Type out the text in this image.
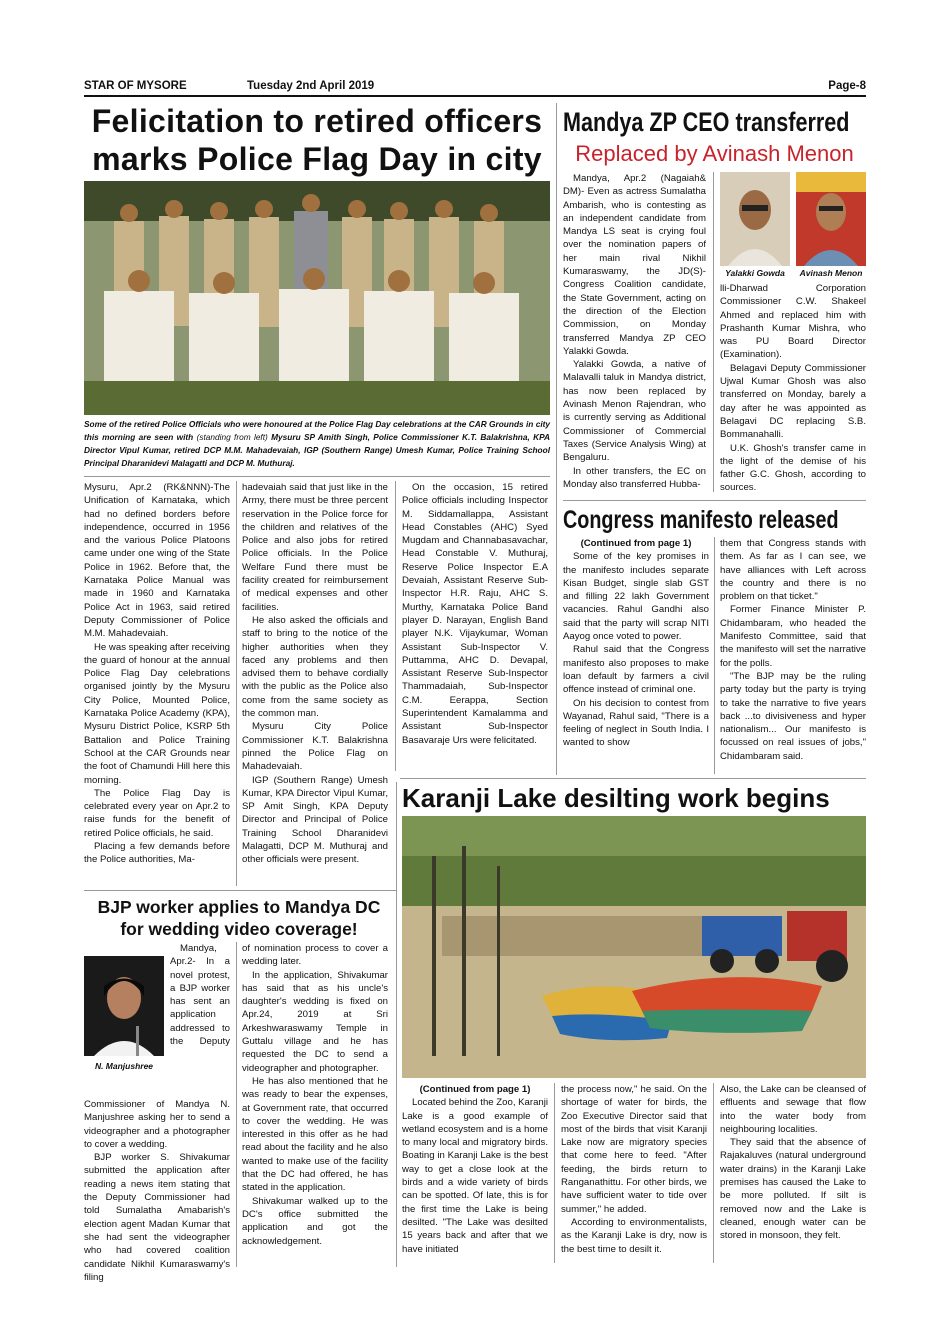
STAR OF MYSORE	Tuesday 2nd April 2019	Page-8
Felicitation to retired officers
marks Police Flag Day in city
Some of the retired Police Officials who were honoured at the Police Flag Day celebrations at the CAR Grounds in city this morning are seen with (standing from left) Mysuru SP Amith Singh, Police Commissioner K.T. Balakrishna, KPA Director Vipul Kumar, retired DCP M.M. Mahadevaiah, IGP (Southern Range) Umesh Kumar, Police Training School Principal Dharanidevi Malagatti and DCP M. Muthuraj.

Mysuru, Apr.2 (RK&NNN)-The Unification of Karnataka, which had no defined borders before independence, occurred in 1956 and the various Police Platoons came under one wing of the State Police in 1962. Before that, the Karnataka Police Manual was made in 1960 and Karnataka Police Act in 1963, said retired Deputy Commissioner of Police M.M. Mahadevaiah.

He was speaking after receiving the guard of honour at the annual Police Flag Day celebrations organised jointly by the Mysuru City Police, Mounted Police, Karnataka Police Academy (KPA), Mysuru District Police, KSRP 5th Battalion and Police Training School at the CAR Grounds near the foot of Chamundi Hill here this morning.

The Police Flag Day is celebrated every year on Apr.2 to raise funds for the benefit of retired Police officials, he said.

Placing a few demands before the Police authorities, Ma-

hadevaiah said that just like in the Army, there must be three percent reservation in the Police force for the children and relatives of the Police and also jobs for retired Police officials. In the Police Welfare Fund there must be facility created for reimbursement of medical expenses and other facilities.

He also asked the officials and staff to bring to the notice of the higher authorities when they faced any problems and then advised them to behave cordially with the public as the Police also come from the same society as the common man.

Mysuru City Police Commissioner K.T. Balakrishna pinned the Police Flag on Mahadevaiah.

IGP (Southern Range) Umesh Kumar, KPA Director Vipul Kumar, SP Amit Singh, KPA Deputy Director and Principal of Police Training School Dharanidevi Malagatti, DCP M. Muthuraj and other officials were present.

On the occasion, 15 retired Police officials including Inspector M. Siddamallappa, Assistant Head Constables (AHC) Syed Mugdam and Channabasavachar, Head Constable V. Muthuraj, Reserve Police Inspector E.A Devaiah, Assistant Reserve Sub-Inspector H.R. Raju, AHC S. Murthy, Karnataka Police Band player D. Narayan, English Band player N.K. Vijaykumar, Woman Assistant Sub-Inspector V. Puttamma, AHC D. Devapal, Assistant Reserve Sub-Inspector Thammadaiah, Sub-Inspector C.M. Eerappa, Section Superintendent Kamalamma and Assistant Sub-Inspector Basavaraje Urs were felicitated.

Mandya ZP CEO transferred
Replaced by Avinash Menon

Mandya, Apr.2 (Nagaiah& DM)- Even as actress Sumalatha Ambarish, who is contesting as an independent candidate from Mandya LS seat is crying foul over the nomination papers of her main rival Nikhil Kumaraswamy, the JD(S)-Congress Coalition candidate, the State Government, acting on the direction of the Election Commission, on Monday transferred Mandya ZP CEO Yalakki Gowda.

Yalakki Gowda, a native of Malavalli taluk in Mandya district, has now been replaced by Avinash Menon Rajendran, who is currently serving as Additional Commissioner of Commercial Taxes (Service Analysis Wing) at Bengaluru.

In other transfers, the EC on Monday also transferred Hubba-

Yalakki Gowda	Avinash Menon

lli-Dharwad Corporation Commissioner C.W. Shakeel Ahmed and replaced him with Prashanth Kumar Mishra, who was PU Board Director (Examination).

Belagavi Deputy Commissioner Ujwal Kumar Ghosh was also transferred on Monday, barely a day after he was appointed as Belagavi DC replacing S.B. Bommanahalli.

U.K. Ghosh's transfer came in the light of the demise of his father G.C. Ghosh, according to sources.

Congress manifesto released
(Continued from page 1)

Some of the key promises in the manifesto includes separate Kisan Budget, single slab GST and filling 22 lakh Government vacancies. Rahul Gandhi also said that the party will scrap NITI Aayog once voted to power.

Rahul said that the Congress manifesto also proposes to make loan default by farmers a civil offence instead of criminal one.

On his decision to contest from Wayanad, Rahul said, "There is a feeling of neglect in South India. I wanted to show

them that Congress stands with them. As far as I can see, we have alliances with Left across the country and there is no problem on that ticket."

Former Finance Minister P. Chidambaram, who headed the Manifesto Committee, said that the manifesto will set the narrative for the polls.

"The BJP may be the ruling party today but the party is trying to take the narrative to five years back ...to divisiveness and hyper nationalism... Our manifesto is focussed on real issues of jobs," Chidambaram said.

Karanji Lake desilting work begins
(Continued from page 1)

Located behind the Zoo, Karanji Lake is a good example of wetland ecosystem and is a home to many local and migratory birds. Boating in Karanji Lake is the best way to get a close look at the birds and a wide variety of birds can be spotted. Of late, this is for the first time the Lake is being desilted. "The Lake was desilted 15 years back and after that we have initiated

the process now," he said. On the shortage of water for birds, the Zoo Executive Director said that most of the birds that visit Karanji Lake now are migratory species that come here to feed. "After feeding, the birds return to Ranganathittu. For other birds, we have sufficient water to tide over summer," he added.

According to environmentalists, as the Karanji Lake is dry, now is the best time to desilt it.

Also, the Lake can be cleansed of effluents and sewage that flow into the water body from neighbouring localities.

They said that the absence of Rajakaluves (natural underground water drains) in the Karanji Lake premises has caused the Lake to be more polluted. If silt is removed now and the Lake is cleaned, enough water can be stored in monsoon, they felt.

BJP worker applies to Mandya DC
for wedding video coverage!
N. Manjushree

Mandya, Apr.2- In a novel protest, a BJP worker has sent an application addressed to the Deputy Commissioner of Mandya N. Manjushree asking her to send a videographer and a photographer to cover a wedding.

BJP worker S. Shivakumar submitted the application after reading a news item stating that the Deputy Commissioner had told Sumalatha Amabarish's election agent Madan Kumar that she had sent the videographer who had covered coalition candidate Nikhil Kumaraswamy's filing

of nomination process to cover a wedding later.

In the application, Shivakumar has said that as his uncle's daughter's wedding is fixed on Apr.24, 2019 at Sri Arkeshwaraswamy Temple in Guttalu village and he has requested the DC to send a videographer and photographer.

He has also mentioned that he was ready to bear the expenses, at Government rate, that occurred to cover the wedding. He was interested in this offer as he had read about the facility and he also wanted to make use of the facility that the DC had offered, he has stated in the application.

Shivakumar walked up to the DC's office submitted the application and got the acknowledgement.
